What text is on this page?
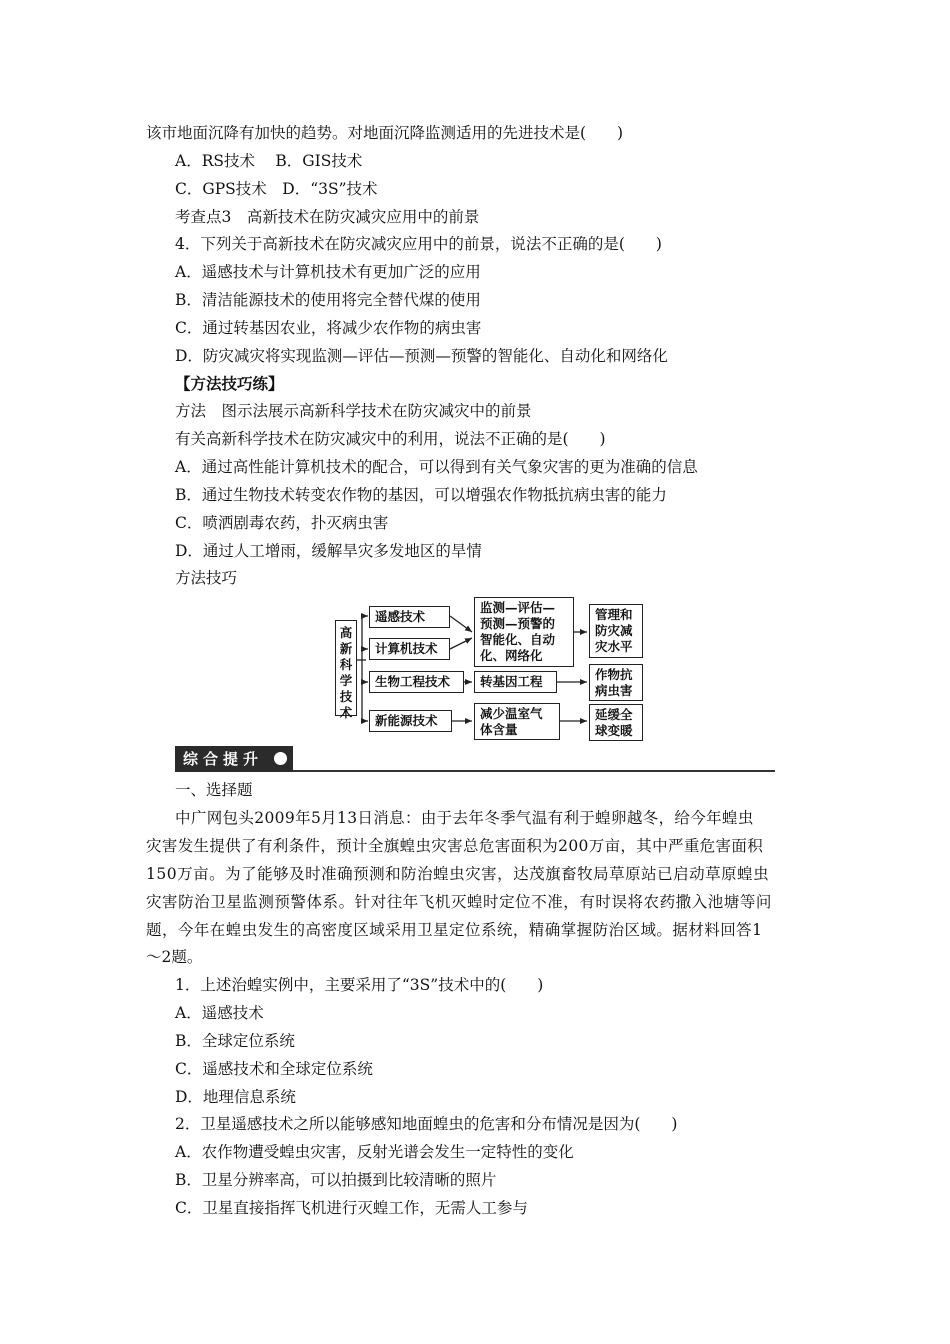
该市地面沉降有加快的趋势。对地面沉降监测适用的先进技术是(　　)
A．RS技术　 B．GIS技术
C．GPS技术　D．“3S”技术
考查点3　高新技术在防灾减灾应用中的前景
4．下列关于高新技术在防灾减灾应用中的前景，说法不正确的是(　　)
A．遥感技术与计算机技术有更加广泛的应用
B．清洁能源技术的使用将完全替代煤的使用
C．通过转基因农业，将减少农作物的病虫害
D．防灾减灾将实现监测—评估—预测—预警的智能化、自动化和网络化
【方法技巧练】
方法　图示法展示高新科学技术在防灾减灾中的前景
有关高新科学技术在防灾减灾中的利用，说法不正确的是(　　)
A．通过高性能计算机技术的配合，可以得到有关气象灾害的更为准确的信息
B．通过生物技术转变农作物的基因，可以增强农作物抵抗病虫害的能力
C．喷洒剧毒农药，扑灭病虫害
D．通过人工增雨，缓解旱灾多发地区的旱情
方法技巧
高新科学技术
遥感技术
计算机技术
生物工程技术
新能源技术
监测—评估—
预测—预警的
智能化、自动
化、网络化
转基因工程
减少温室气
体含量
管理和
防灾减
灾水平
作物抗
病虫害
延缓全
球变暖
综合提升
一、选择题
中广网包头2009年5月13日消息：由于去年冬季气温有利于蝗卵越冬，给今年蝗虫
灾害发生提供了有利条件，预计全旗蝗虫灾害总危害面积为200万亩，其中严重危害面积
150万亩。为了能够及时准确预测和防治蝗虫灾害，达茂旗畜牧局草原站已启动草原蝗虫
灾害防治卫星监测预警体系。针对往年飞机灭蝗时定位不准，有时误将农药撒入池塘等问
题，今年在蝗虫发生的高密度区域采用卫星定位系统，精确掌握防治区域。据材料回答1
～2题。
1．上述治蝗实例中，主要采用了“3S”技术中的(　　)
A．遥感技术
B．全球定位系统
C．遥感技术和全球定位系统
D．地理信息系统
2．卫星遥感技术之所以能够感知地面蝗虫的危害和分布情况是因为(　　)
A．农作物遭受蝗虫灾害，反射光谱会发生一定特性的变化
B．卫星分辨率高，可以拍摄到比较清晰的照片
C．卫星直接指挥飞机进行灭蝗工作，无需人工参与
